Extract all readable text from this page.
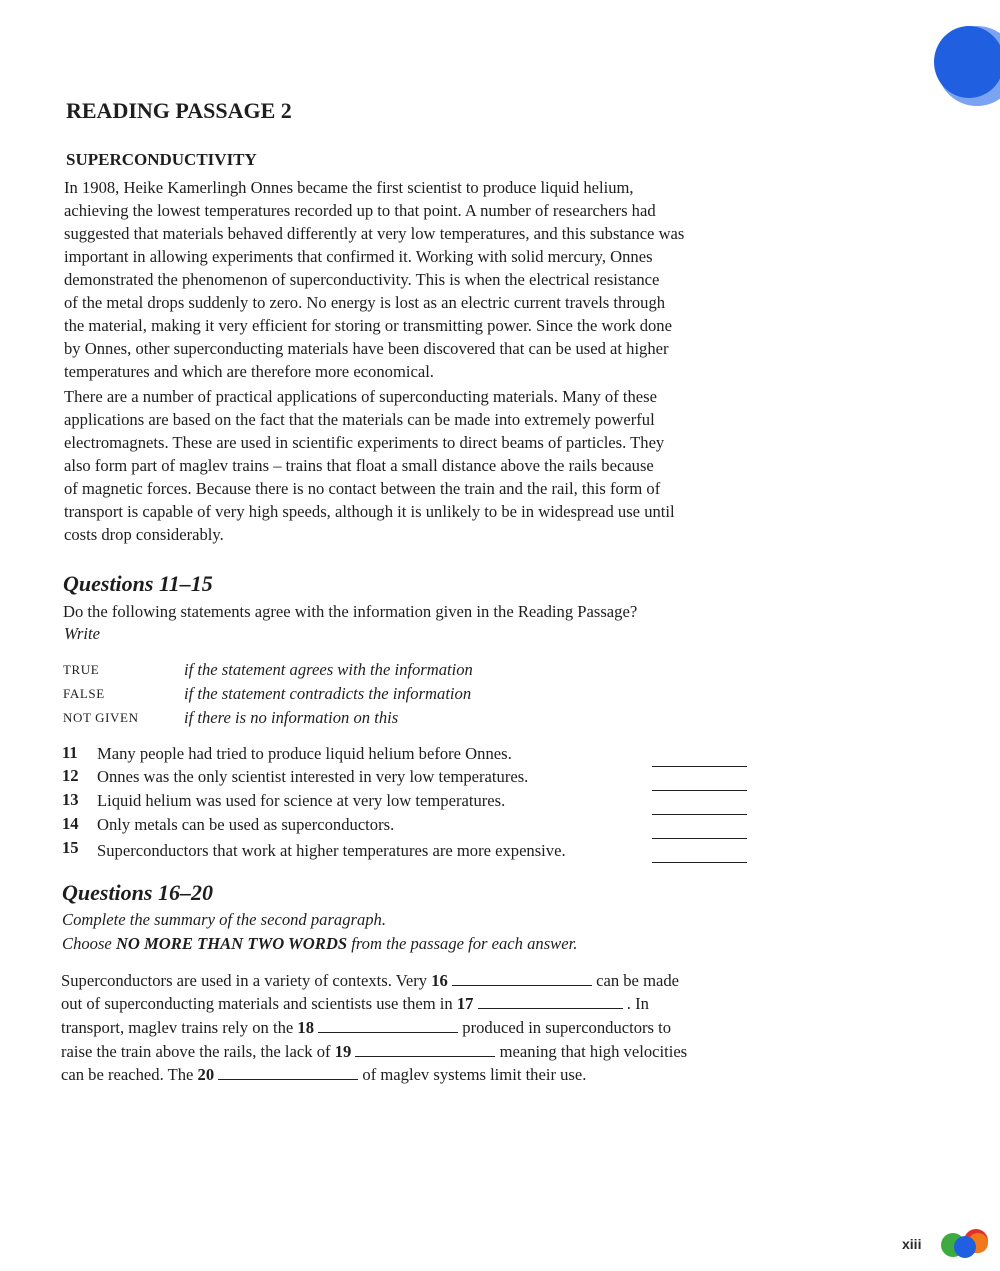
READING PASSAGE 2
SUPERCONDUCTIVITY
In 1908, Heike Kamerlingh Onnes became the first scientist to produce liquid helium,
achieving the lowest temperatures recorded up to that point. A number of researchers had
suggested that materials behaved differently at very low temperatures, and this substance was
important in allowing experiments that confirmed it. Working with solid mercury, Onnes
demonstrated the phenomenon of superconductivity. This is when the electrical resistance
of the metal drops suddenly to zero. No energy is lost as an electric current travels through
the material, making it very efficient for storing or transmitting power. Since the work done
by Onnes, other superconducting materials have been discovered that can be used at higher
temperatures and which are therefore more economical.
There are a number of practical applications of superconducting materials. Many of these
applications are based on the fact that the materials can be made into extremely powerful
electromagnets. These are used in scientific experiments to direct beams of particles. They
also form part of maglev trains – trains that float a small distance above the rails because
of magnetic forces. Because there is no contact between the train and the rail, this form of
transport is capable of very high speeds, although it is unlikely to be in widespread use until
costs drop considerably.
Questions 11–15
Do the following statements agree with the information given in the Reading Passage?
Write
TRUE	if the statement agrees with the information
FALSE	if the statement contradicts the information
NOT GIVEN	if there is no information on this
11 Many people had tried to produce liquid helium before Onnes.
12 Onnes was the only scientist interested in very low temperatures.
13 Liquid helium was used for science at very low temperatures.
14 Only metals can be used as superconductors.
15 Superconductors that work at higher temperatures are more expensive.
Questions 16–20
Complete the summary of the second paragraph.
Choose NO MORE THAN TWO WORDS from the passage for each answer.
Superconductors are used in a variety of contexts. Very 16	can be made
out of superconducting materials and scientists use them in 17	. In
transport, maglev trains rely on the 18	produced in superconductors to
raise the train above the rails, the lack of 19	meaning that high velocities
can be reached. The 20	of maglev systems limit their use.
xiii
